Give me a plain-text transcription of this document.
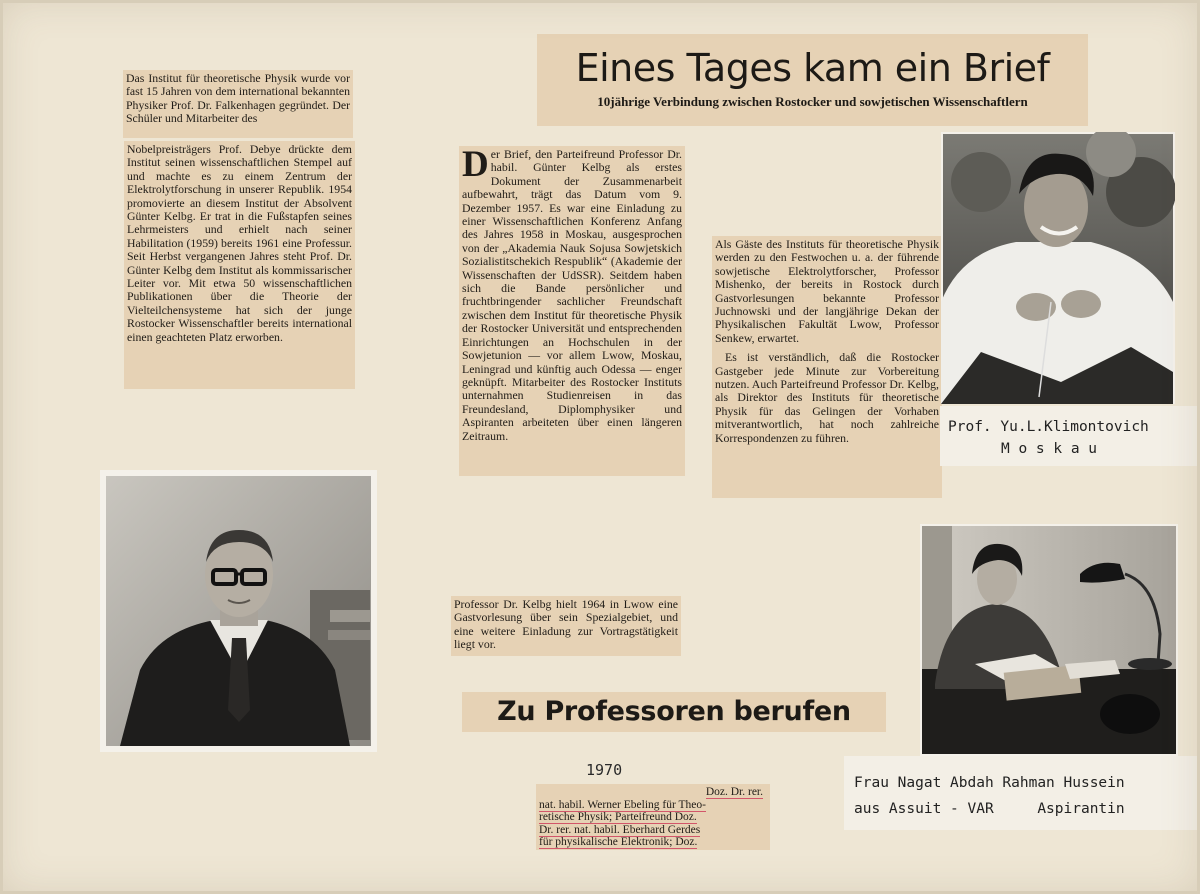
Eines Tages kam ein Brief
10jährige Verbindung zwischen Rostocker und sowjetischen Wissenschaftlern

Das Institut für theoretische Physik wurde vor fast 15 Jahren von dem international bekannten Physiker Prof. Dr. Falkenhagen gegründet. Der Schüler und Mitarbeiter des

Nobelpreisträgers Prof. Debye drückte dem Institut seinen wissenschaftlichen Stempel auf und machte es zu einem Zentrum der Elektrolytforschung in unserer Republik. 1954 promovierte an diesem Institut der Absolvent Günter Kelbg. Er trat in die Fußstapfen seines Lehrmeisters und erhielt nach seiner Habilitation (1959) bereits 1961 eine Professur. Seit Herbst vergangenen Jahres steht Prof. Dr. Günter Kelbg dem Institut als kommissarischer Leiter vor. Mit etwa 50 wissenschaftlichen Publikationen über die Theorie der Vielteilchensysteme hat sich der junge Rostocker Wissenschaftler bereits international einen geachteten Platz erworben.

Der Brief, den Parteifreund Professor Dr. habil. Günter Kelbg als erstes Dokument der Zusammenarbeit aufbewahrt, trägt das Datum vom 9. Dezember 1957. Es war eine Einladung zu einer Wissenschaftlichen Konferenz Anfang des Jahres 1958 in Moskau, ausgesprochen von der „Akademia Nauk Sojusa Sowjetskich Sozialistitschekich Respublik“ (Akademie der Wissenschaften der UdSSR). Seitdem haben sich die Bande persönlicher und fruchtbringender sachlicher Freundschaft zwischen dem Institut für theoretische Physik der Rostocker Universität und entsprechenden Einrichtungen an Hochschulen in der Sowjetunion — vor allem Lwow, Moskau, Leningrad und künftig auch Odessa — enger geknüpft. Mitarbeiter des Rostocker Instituts unternahmen Studienreisen in das Freundesland, Diplomphysiker und Aspiranten arbeiteten über einen längeren Zeitraum.

Als Gäste des Instituts für theoretische Physik werden zu den Festwochen u. a. der führende sowjetische Elektrolytforscher, Professor Mishenko, der bereits in Rostock durch Gastvorlesungen bekannte Professor Juchnowski und der langjährige Dekan der Physikalischen Fakultät Lwow, Professor Senkew, erwartet.

Es ist verständlich, daß die Rostocker Gastgeber jede Minute zur Vorbereitung nutzen. Auch Parteifreund Professor Dr. Kelbg, als Direktor des Instituts für theoretische Physik für das Gelingen der Vorhaben mitverantwortlich, hat noch zahlreiche Korrespondenzen zu führen.

Professor Dr. Kelbg hielt 1964 in Lwow eine Gastvorlesung über sein Spezialgebiet, und eine weitere Einladung zur Vortragstätigkeit liegt vor.

Zu Professoren berufen
1970
Doz. Dr. rer.
nat. habil. Werner Ebeling für Theo-
retische Physik; Parteifreund Doz.
Dr. rer. nat. habil. Eberhard Gerdes
für physikalische Elektronik; Doz.
Prof. Yu.L.Klimontovich
M o s k a u
Frau Nagat Abdah Rahman Hussein
aus Assuit - VAR     Aspirantin
